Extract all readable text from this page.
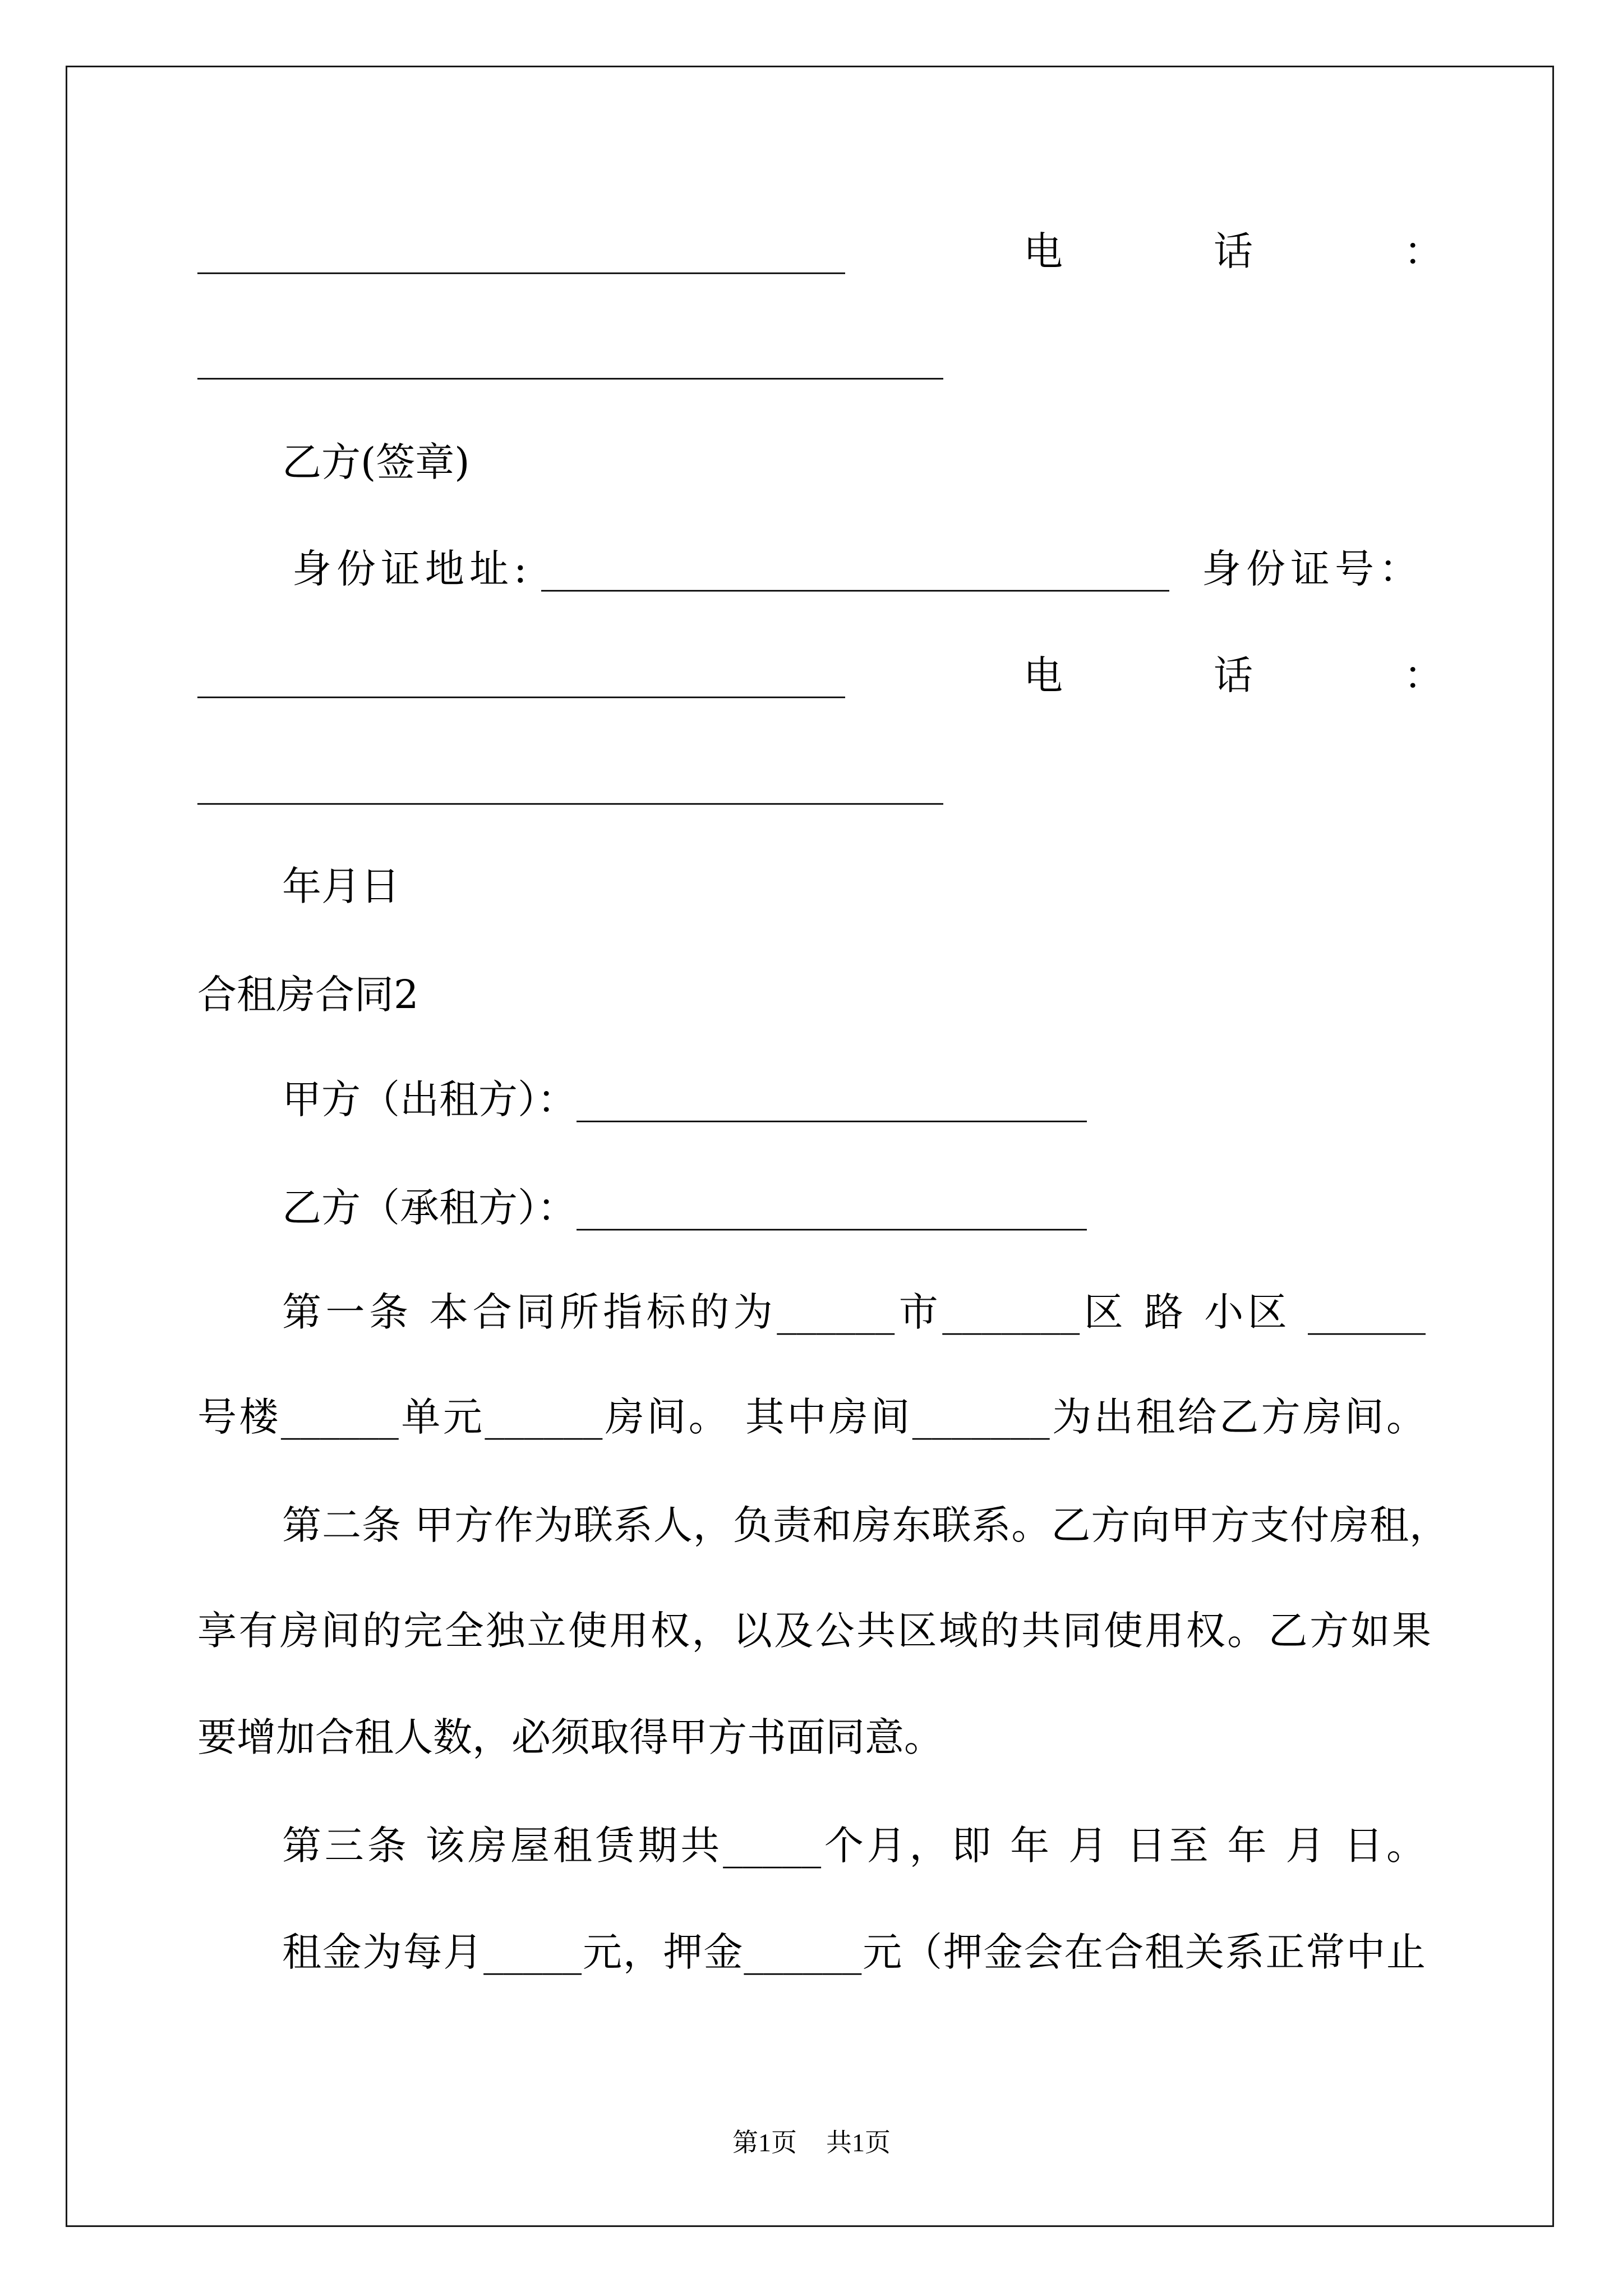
_________________________________	电话：
______________________________________
乙方(签章)
身份证地址: ________________________________ 身份证号：
_________________________________	电话：
______________________________________
年月日
合租房合同2
甲方（出租方）：__________________________
乙方（承租方）：__________________________
第一条 本合同所指标的为______市_______区 路 小区 ______
号楼______单元______房间。 其中房间_______为出租给乙方房间。
第二条 甲方作为联系人，负责和房东联系。乙方向甲方支付房租，
享有房间的完全独立使用权，以及公共区域的共同使用权。乙方如果
要增加合租人数，必须取得甲方书面同意。
第三条 该房屋租赁期共_____个月，即 年 月 日至 年 月 日。
租金为每月_____元，押金______元（押金会在合租关系正常中止
第1页 共1页
